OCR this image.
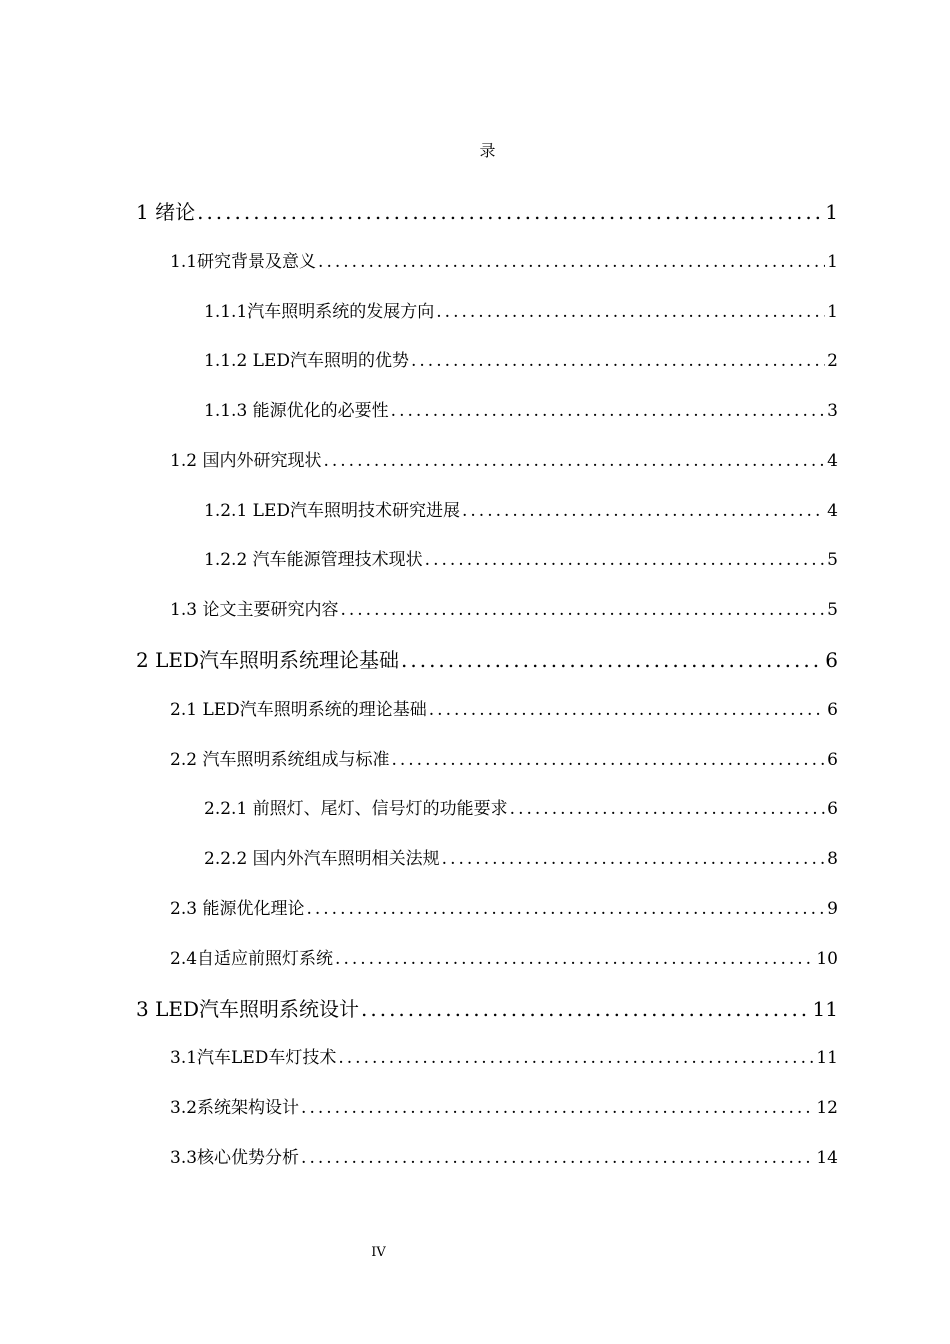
录
1 绪论 .....	1
1.1研究背景及意义 .....	1
1.1.1汽车照明系统的发展方向 .....	1
1.1.2 LED汽车照明的优势 .....	2
1.1.3 能源优化的必要性 .....	3
1.2 国内外研究现状 .....	4
1.2.1 LED汽车照明技术研究进展 .....	4
1.2.2 汽车能源管理技术现状 .....	5
1.3 论文主要研究内容 .....	5
2 LED汽车照明系统理论基础 .....	6
2.1 LED汽车照明系统的理论基础 .....	6
2.2 汽车照明系统组成与标准 .....	6
2.2.1 前照灯、尾灯、信号灯的功能要求 .....	6
2.2.2 国内外汽车照明相关法规 .....	8
2.3 能源优化理论 .....	9
2.4自适应前照灯系统 .....	10
3 LED汽车照明系统设计 .....	11
3.1汽车LED车灯技术 .....	11
3.2系统架构设计 .....	12
3.3核心优势分析 .....	14
IV
